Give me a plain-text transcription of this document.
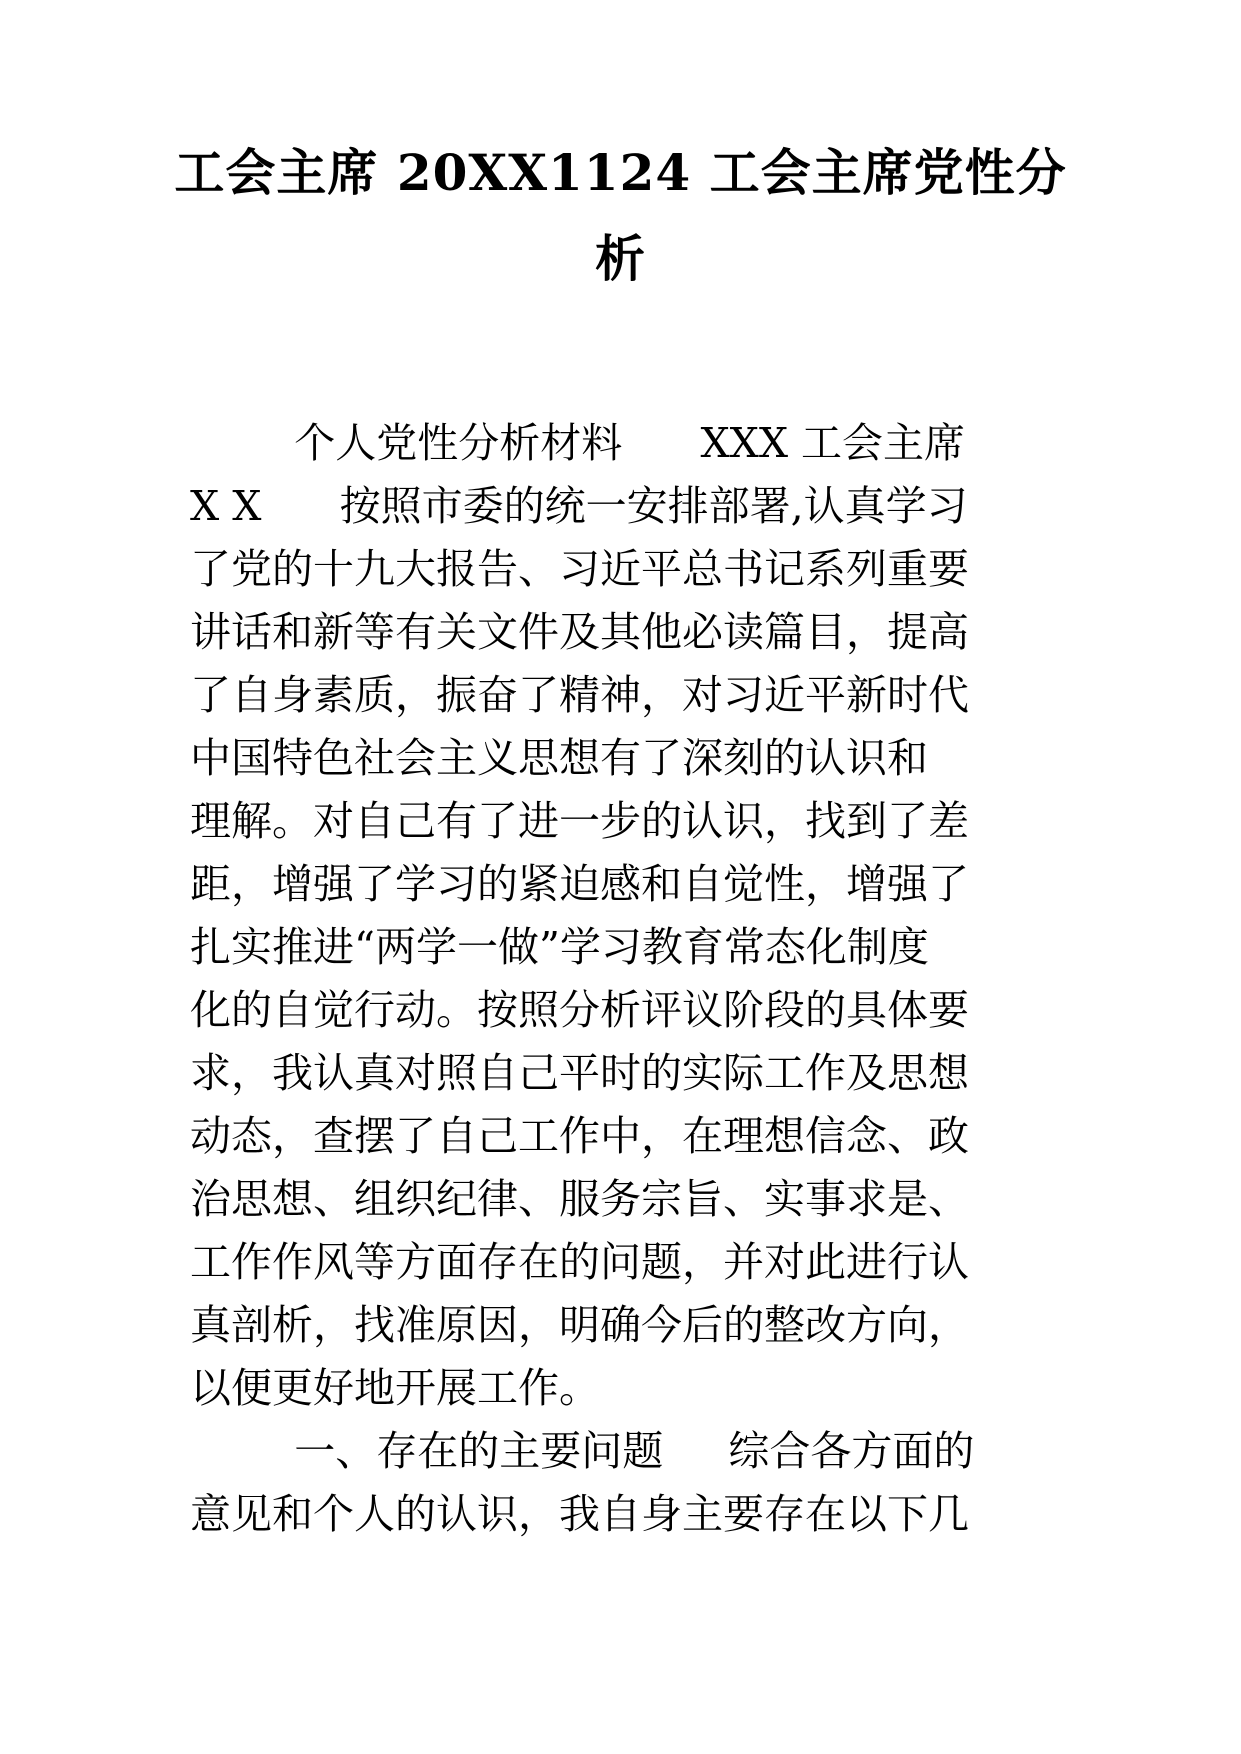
工会主席 20XX1124 工会主席党性分
析
个人党性分析材料      XXX 工会主席
X X      按照市委的统一安排部署,认真学习
了党的十九大报告、习近平总书记系列重要
讲话和新等有关文件及其他必读篇目，提高
了自身素质，振奋了精神，对习近平新时代
中国特色社会主义思想有了深刻的认识和
理解。对自己有了进一步的认识，找到了差
距，增强了学习的紧迫感和自觉性，增强了
扎实推进“两学一做”学习教育常态化制度
化的自觉行动。按照分析评议阶段的具体要
求，我认真对照自己平时的实际工作及思想
动态，查摆了自己工作中，在理想信念、政
治思想、组织纪律、服务宗旨、实事求是、
工作作风等方面存在的问题，并对此进行认
真剖析，找准原因，明确今后的整改方向，
以便更好地开展工作。
一、存在的主要问题     综合各方面的
意见和个人的认识，我自身主要存在以下几
